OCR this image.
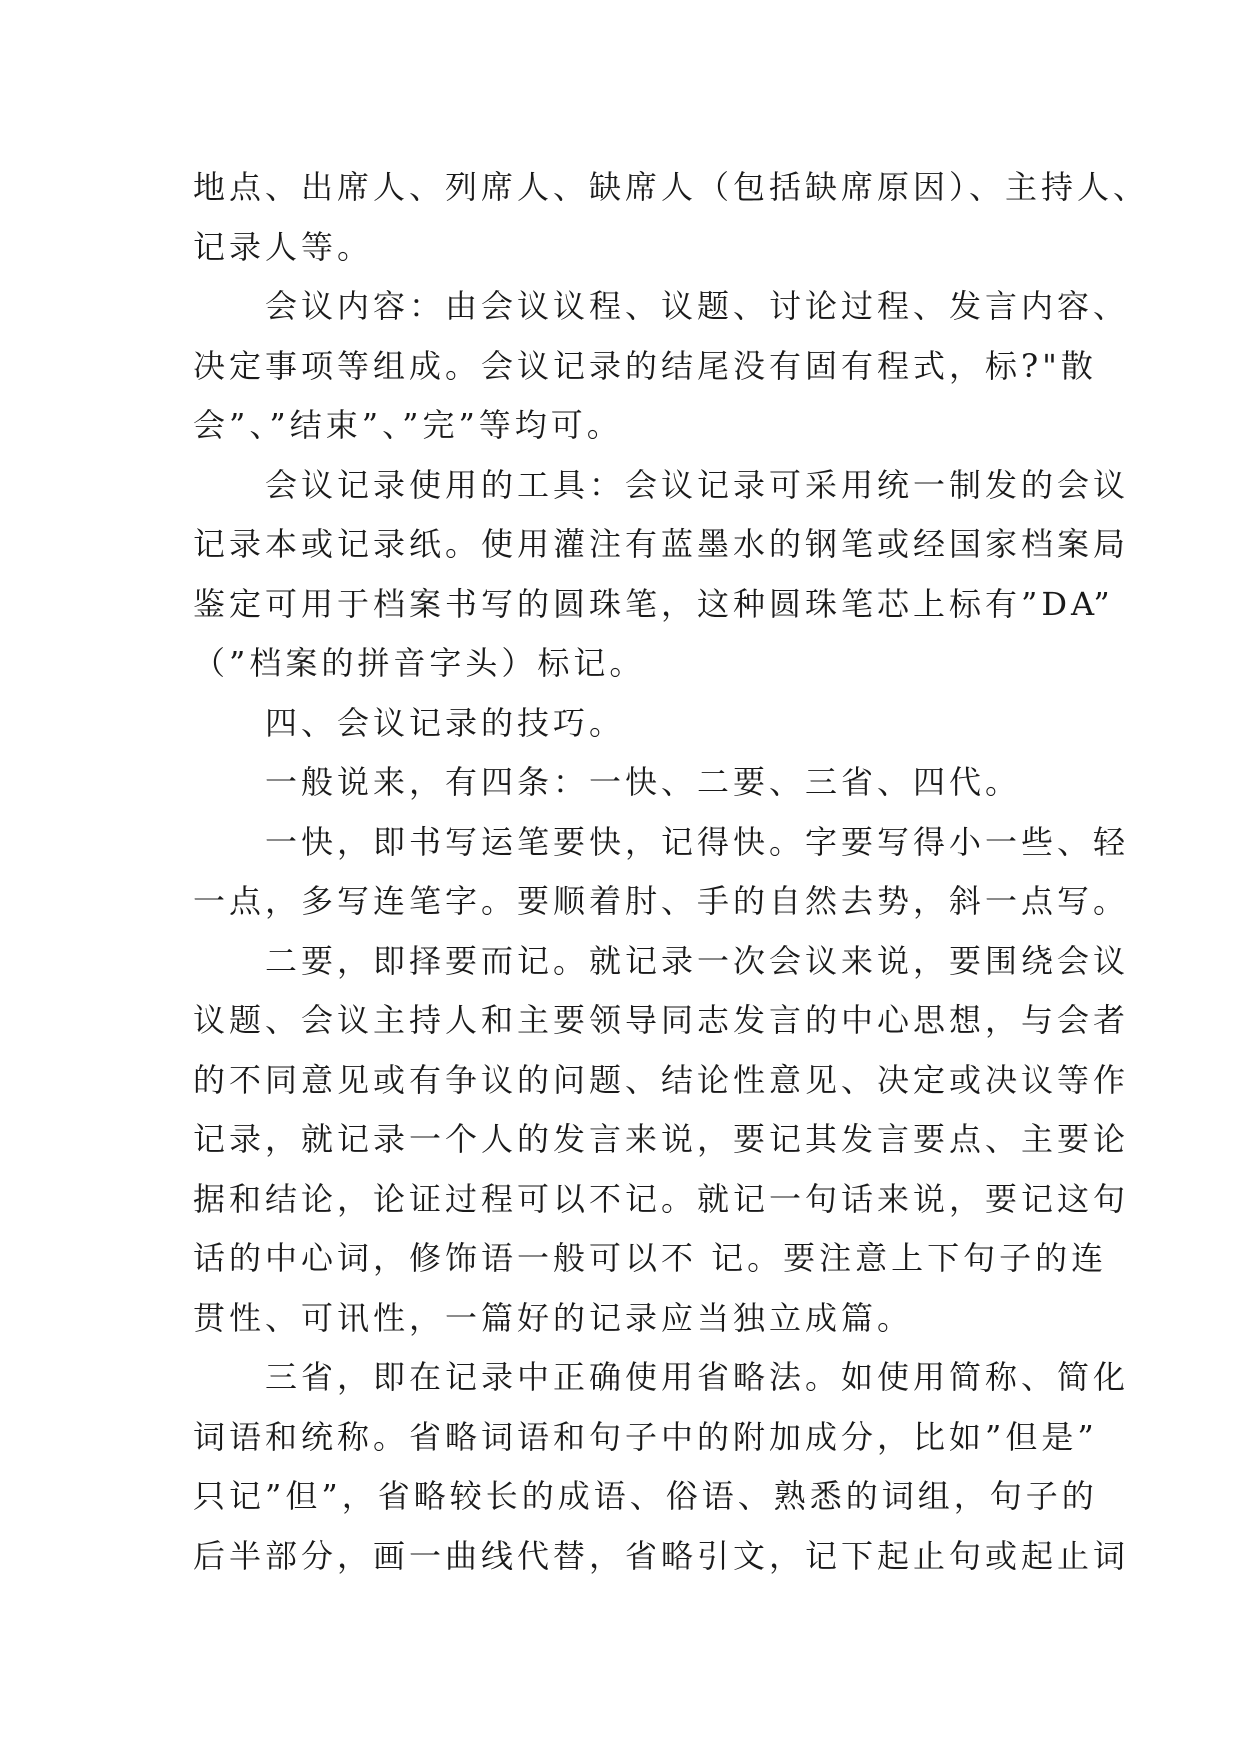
地点、出席人、列席人、缺席人（包括缺席原因）、主持人、
记录人等。
会议内容：由会议议程、议题、讨论过程、发言内容、
决定事项等组成。会议记录的结尾没有固有程式，标?"散
会”、”结束”、”完”等均可。
会议记录使用的工具：会议记录可采用统一制发的会议
记录本或记录纸。使用灌注有蓝墨水的钢笔或经国家档案局
鉴定可用于档案书写的圆珠笔，这种圆珠笔芯上标有”DA”
（”档案的拼音字头）标记。
四、会议记录的技巧。
一般说来，有四条：一快、二要、三省、四代。
一快，即书写运笔要快，记得快。字要写得小一些、轻
一点，多写连笔字。要顺着肘、手的自然去势，斜一点写。
二要，即择要而记。就记录一次会议来说，要围绕会议
议题、会议主持人和主要领导同志发言的中心思想，与会者
的不同意见或有争议的问题、结论性意见、决定或决议等作
记录，就记录一个人的发言来说，要记其发言要点、主要论
据和结论，论证过程可以不记。就记一句话来说，要记这句
话的中心词，修饰语一般可以不 记。要注意上下句子的连
贯性、可讯性，一篇好的记录应当独立成篇。
三省，即在记录中正确使用省略法。如使用简称、简化
词语和统称。省略词语和句子中的附加成分，比如”但是”
只记”但”，省略较长的成语、俗语、熟悉的词组，句子的
后半部分，画一曲线代替，省略引文，记下起止句或起止词
